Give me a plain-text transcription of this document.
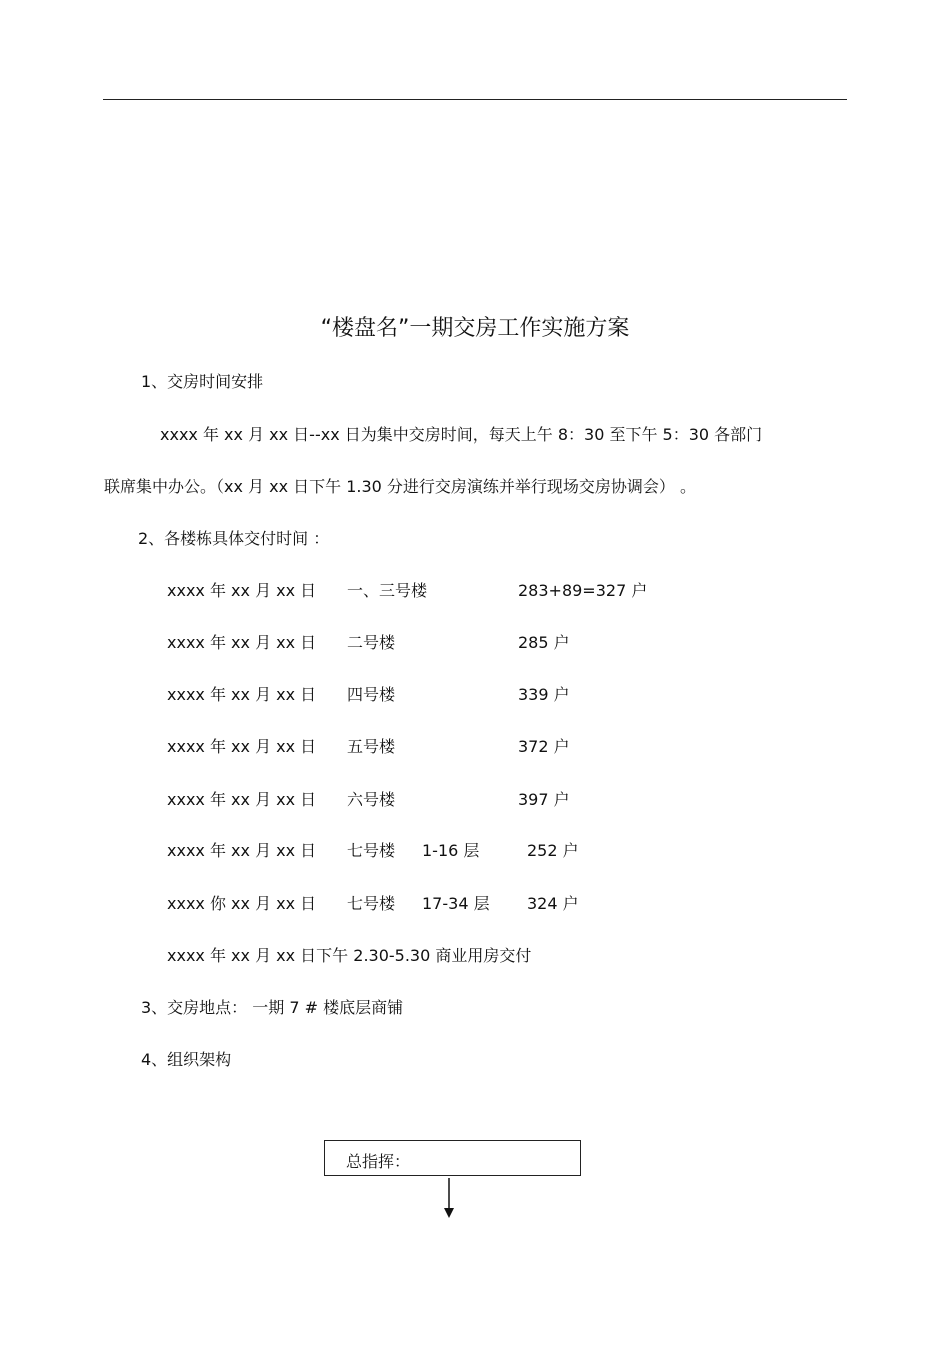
“楼盘名”一期交房工作实施方案
1、交房时间安排
xxxx 年 xx 月 xx 日--xx 日为集中交房时间，每天上午 8：30 至下午 5：30 各部门
联席集中办公。（xx 月 xx 日下午 1.30 分进行交房演练并举行现场交房协调会） 。
2、各楼栋具体交付时间 ：
xxxx 年 xx 月 xx 日 一、三号楼	283+89=327 户
xxxx 年 xx 月 xx 日 二号楼	285 户
xxxx 年 xx 月 xx 日 四号楼	339 户
xxxx 年 xx 月 xx 日 五号楼	372 户
xxxx 年 xx 月 xx 日 六号楼	397 户
xxxx 年 xx 月 xx 日 七号楼 1-16 层	252 户
xxxx 你 xx 月 xx 日 七号楼 17-34 层 324 户
xxxx 年 xx 月 xx 日下午 2.30-5.30 商业用房交付
3、交房地点： 一期 7 # 楼底层商铺
4、组织架构
总指挥：
